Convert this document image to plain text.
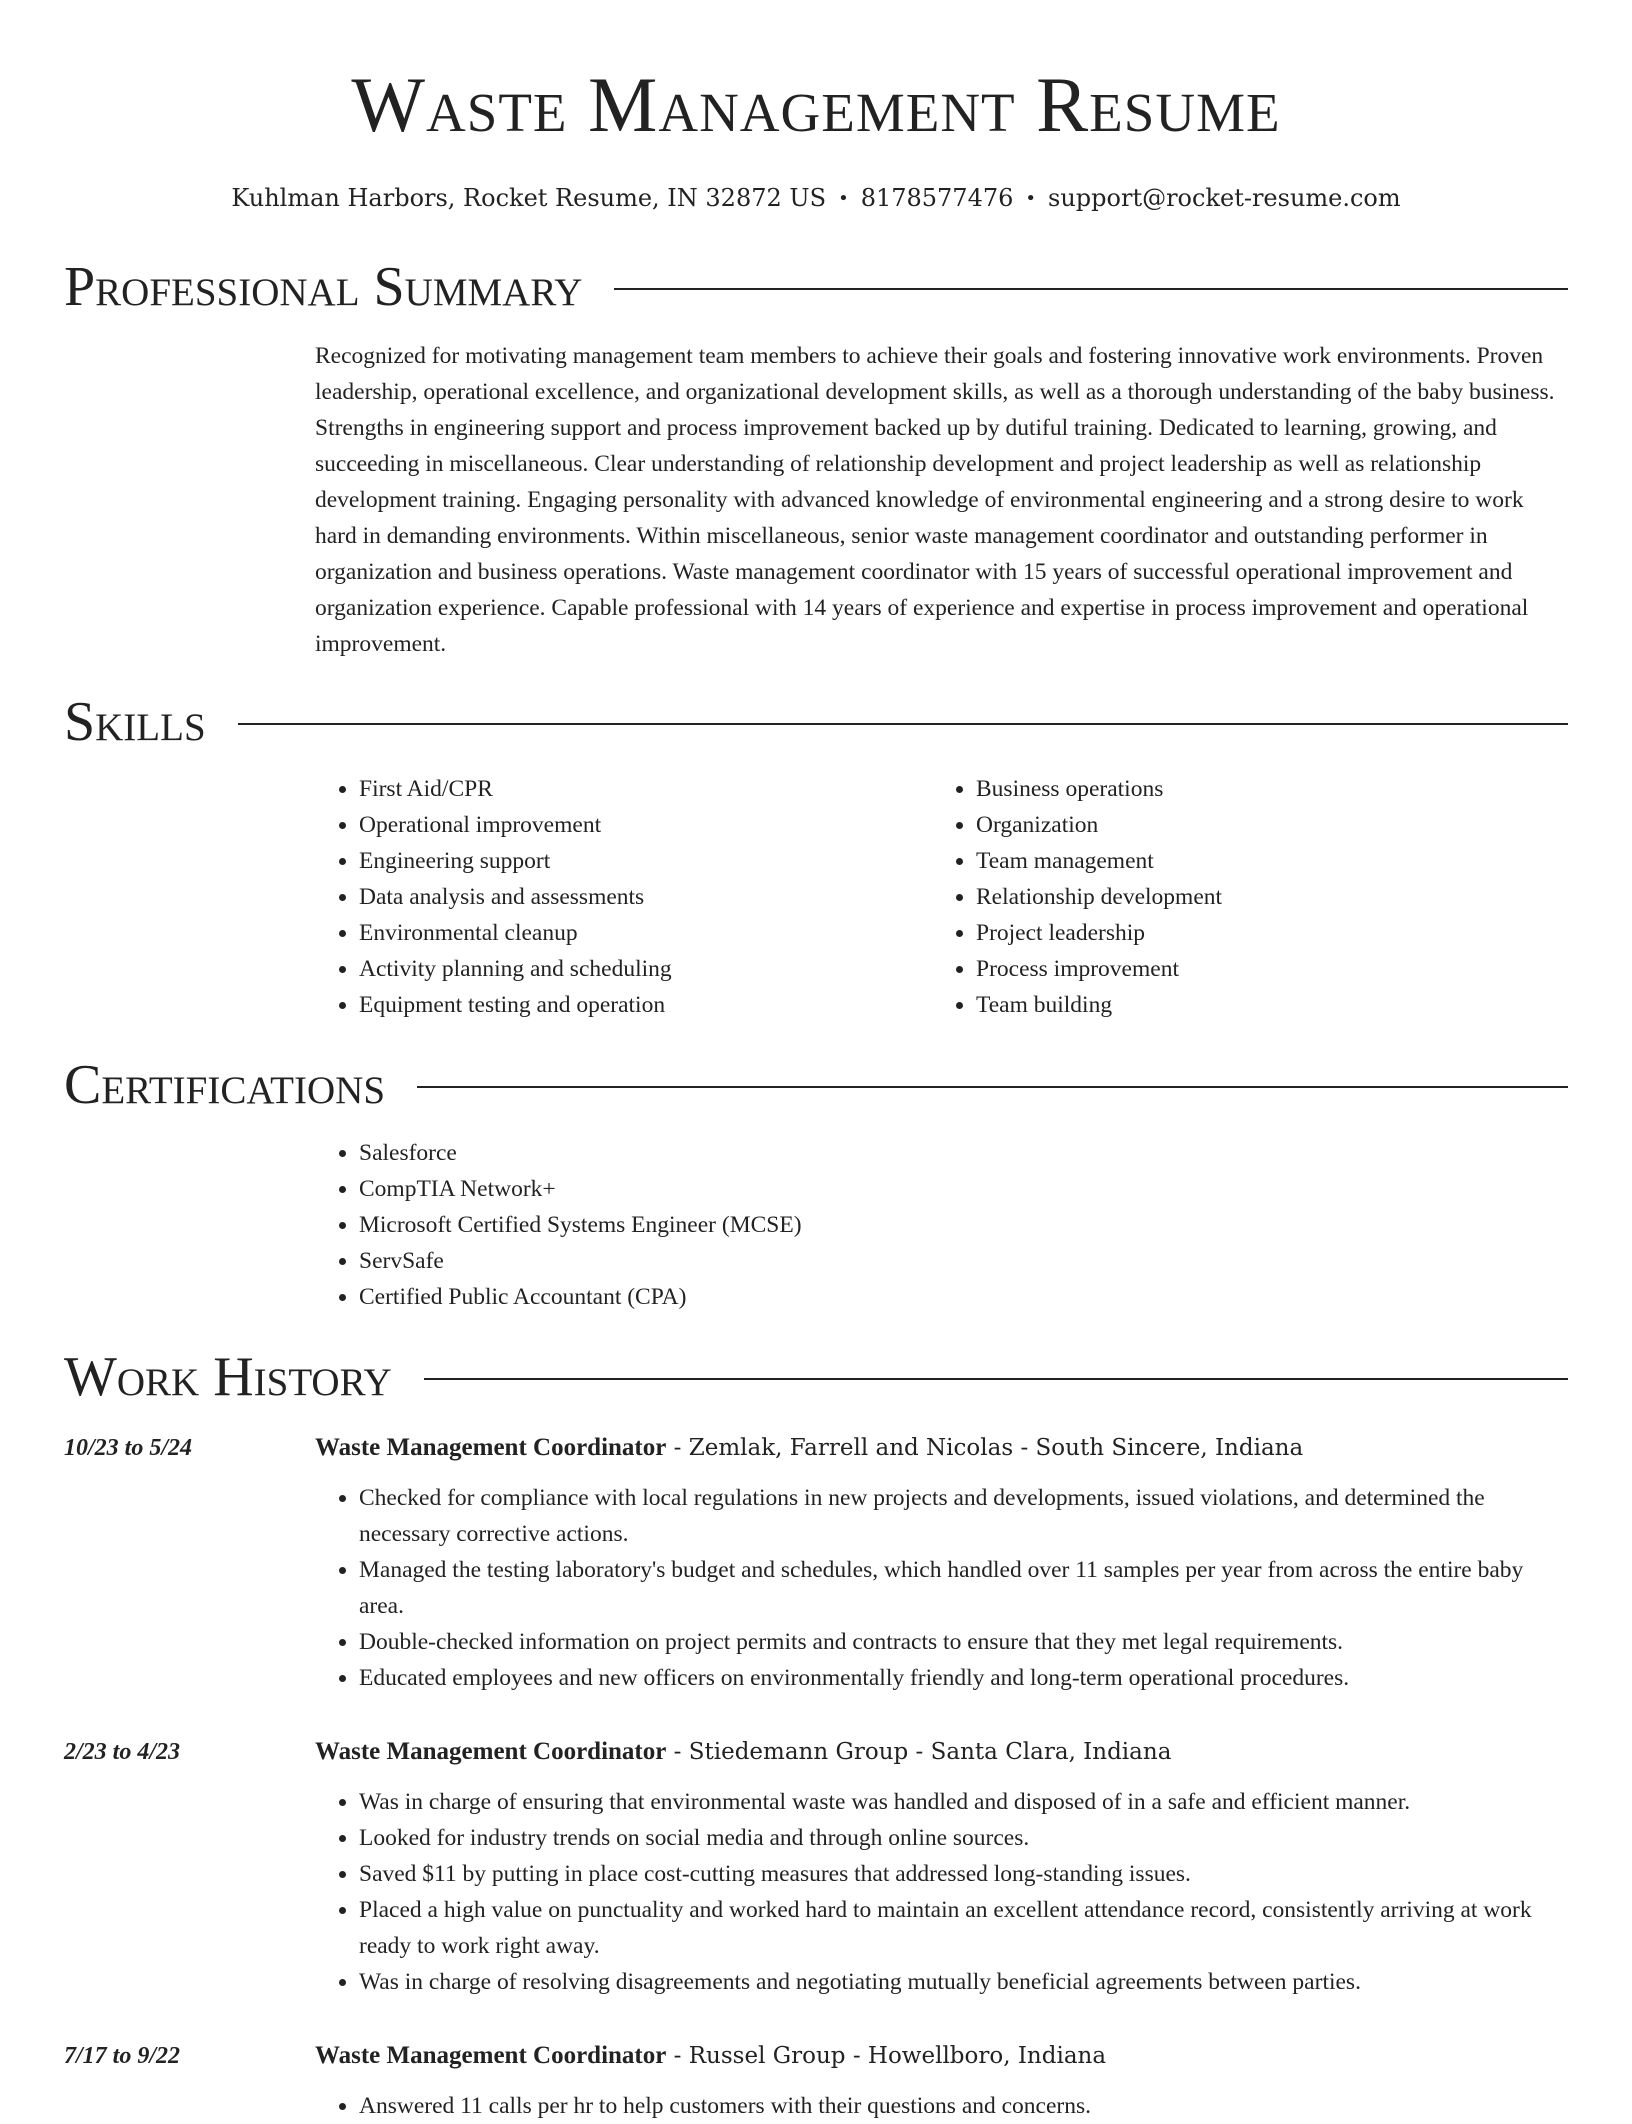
Waste Management Resume
Kuhlman Harbors, Rocket Resume, IN 32872 US • 8178577476 • support@rocket-resume.com
Professional Summary

Recognized for motivating management team members to achieve their goals and fostering innovative work environments. Proven leadership, operational excellence, and organizational development skills, as well as a thorough understanding of the baby business. Strengths in engineering support and process improvement backed up by dutiful training. Dedicated to learning, growing, and succeeding in miscellaneous. Clear understanding of relationship development and project leadership as well as relationship development training. Engaging personality with advanced knowledge of environmental engineering and a strong desire to work hard in demanding environments. Within miscellaneous, senior waste management coordinator and outstanding performer in organization and business operations. Waste management coordinator with 15 years of successful operational improvement and organization experience. Capable professional with 14 years of experience and expertise in process improvement and operational improvement.

Skills
• First Aid/CPR
• Operational improvement
• Engineering support
• Data analysis and assessments
• Environmental cleanup
• Activity planning and scheduling
• Equipment testing and operation
• Business operations
• Organization
• Team management
• Relationship development
• Project leadership
• Process improvement
• Team building
Certifications
• Salesforce
• CompTIA Network+
• Microsoft Certified Systems Engineer (MCSE)
• ServSafe
• Certified Public Accountant (CPA)
Work History
10/23 to 5/24	Waste Management Coordinator - Zemlak, Farrell and Nicolas - South Sincere, Indiana
• Checked for compliance with local regulations in new projects and developments, issued violations, and determined the necessary corrective actions.
• Managed the testing laboratory's budget and schedules, which handled over 11 samples per year from across the entire baby area.
• Double-checked information on project permits and contracts to ensure that they met legal requirements.
• Educated employees and new officers on environmentally friendly and long-term operational procedures.
2/23 to 4/23	Waste Management Coordinator - Stiedemann Group - Santa Clara, Indiana
• Was in charge of ensuring that environmental waste was handled and disposed of in a safe and efficient manner.
• Looked for industry trends on social media and through online sources.
• Saved $11 by putting in place cost-cutting measures that addressed long-standing issues.
• Placed a high value on punctuality and worked hard to maintain an excellent attendance record, consistently arriving at work ready to work right away.
• Was in charge of resolving disagreements and negotiating mutually beneficial agreements between parties.
7/17 to 9/22	Waste Management Coordinator - Russel Group - Howellboro, Indiana
• Answered 11 calls per hr to help customers with their questions and concerns.
